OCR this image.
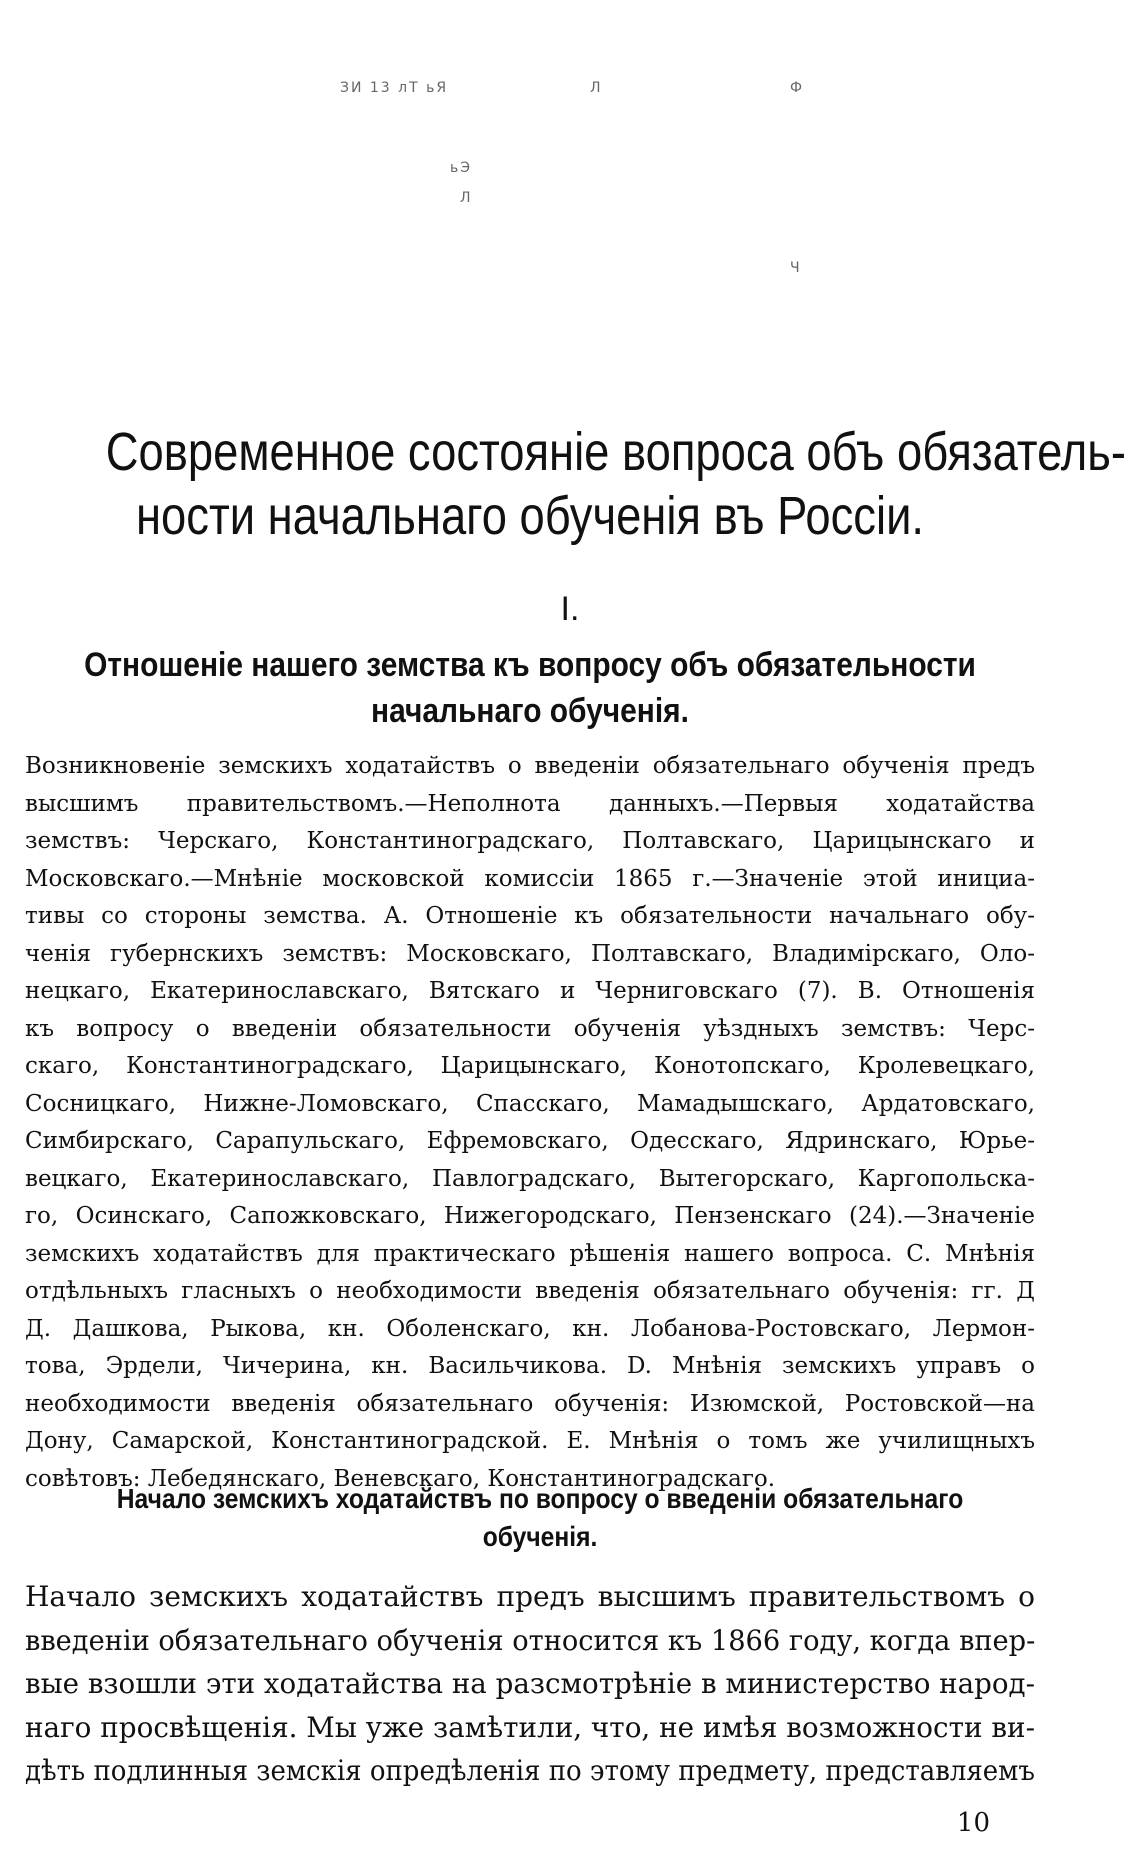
ЗИ 13 лТ ьЯ	Л	Ф
ьЭ
Л
Ч
Современное состояніе вопроса объ обязатель-
ности начальнаго обученія въ Россіи.
I.
Отношеніе нашего земства къ вопросу объ обязательности
начальнаго обученія.
Возникновеніе земскихъ ходатайствъ о введеніи обязательнаго обученія предъ
высшимъ правительствомъ.—Неполнота данныхъ.—Первыя ходатайства
земствъ: Черскаго, Константиноградскаго, Полтавскаго, Царицынскаго и
Московскаго.—Мнѣніе московской комиссіи 1865 г.—Значеніе этой инициа-
тивы со стороны земства. А. Отношеніе къ обязательности начальнаго обу-
ченія губернскихъ земствъ: Московскаго, Полтавскаго, Владимірскаго, Оло-
нецкаго, Екатеринославскаго, Вятскаго и Черниговскаго (7). В. Отношенія
къ вопросу о введеніи обязательности обученія уѣздныхъ земствъ: Черс-
скаго, Константиноградскаго, Царицынскаго, Конотопскаго, Кролевецкаго,
Сосницкаго, Нижне-Ломовскаго, Спасскаго, Мамадышскаго, Ардатовскаго,
Симбирскаго, Сарапульскаго, Ефремовскаго, Одесскаго, Ядринскаго, Юрье-
вецкаго, Екатеринославскаго, Павлоградскаго, Вытегорскаго, Каргопольска-
го, Осинскаго, Сапожковскаго, Нижегородскаго, Пензенскаго (24).—Значеніе
земскихъ ходатайствъ для практическаго рѣшенія нашего вопроса. С. Мнѣнія
отдѣльныхъ гласныхъ о необходимости введенія обязательнаго обученія: гг. Д
Д. Дашкова, Рыкова, кн. Оболенскаго, кн. Лобанова-Ростовскаго, Лермон-
това, Эрдели, Чичерина, кн. Васильчикова. D. Мнѣнія земскихъ управъ о
необходимости введенія обязательнаго обученія: Изюмской, Ростовской—на
Дону, Самарской, Константиноградской. Е. Мнѣнія о томъ же училищныхъ
совѣтовъ: Лебедянскаго, Веневскаго, Константиноградскаго.
Начало земскихъ ходатайствъ по вопросу о введеніи обязательнаго
обученія.
Начало земскихъ ходатайствъ предъ высшимъ правительствомъ о
введеніи обязательнаго обученія относится къ 1866 году, когда впер-
вые взошли эти ходатайства на разсмотрѣніе в министерство народ-
наго просвѣщенія. Мы уже замѣтили, что, не имѣя возможности ви-
дѣть подлинныя земскія опредѣленія по этому предмету, представляемъ
10
